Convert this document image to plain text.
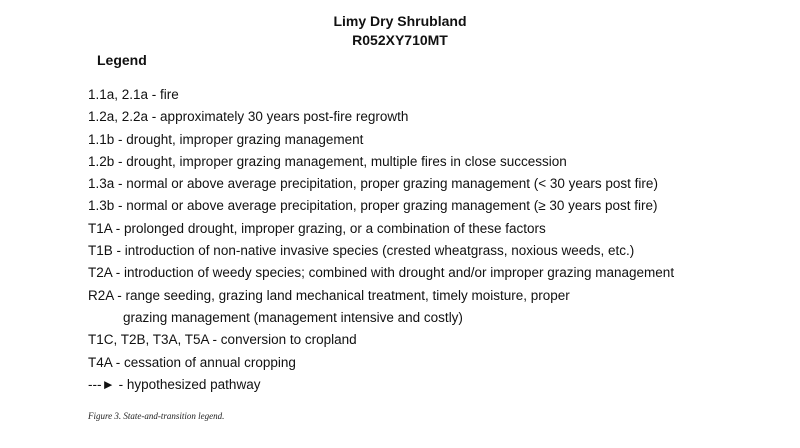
Limy Dry Shrubland
R052XY710MT
Legend
1.1a, 2.1a - fire
1.2a, 2.2a - approximately 30 years post-fire regrowth
1.1b - drought, improper grazing management
1.2b - drought, improper grazing management, multiple fires in close succession
1.3a - normal or above average precipitation, proper grazing management (< 30 years post fire)
1.3b - normal or above average precipitation, proper grazing management (≥ 30 years post fire)
T1A - prolonged drought, improper grazing, or a combination of these factors
T1B - introduction of non-native invasive species (crested wheatgrass, noxious weeds, etc.)
T2A - introduction of weedy species; combined with drought and/or improper grazing management
R2A - range seeding, grazing land mechanical treatment, timely moisture, proper
grazing management (management intensive and costly)
T1C, T2B, T3A, T5A - conversion to cropland
T4A - cessation of annual cropping
---► - hypothesized pathway
Figure 3. State-and-transition legend.
